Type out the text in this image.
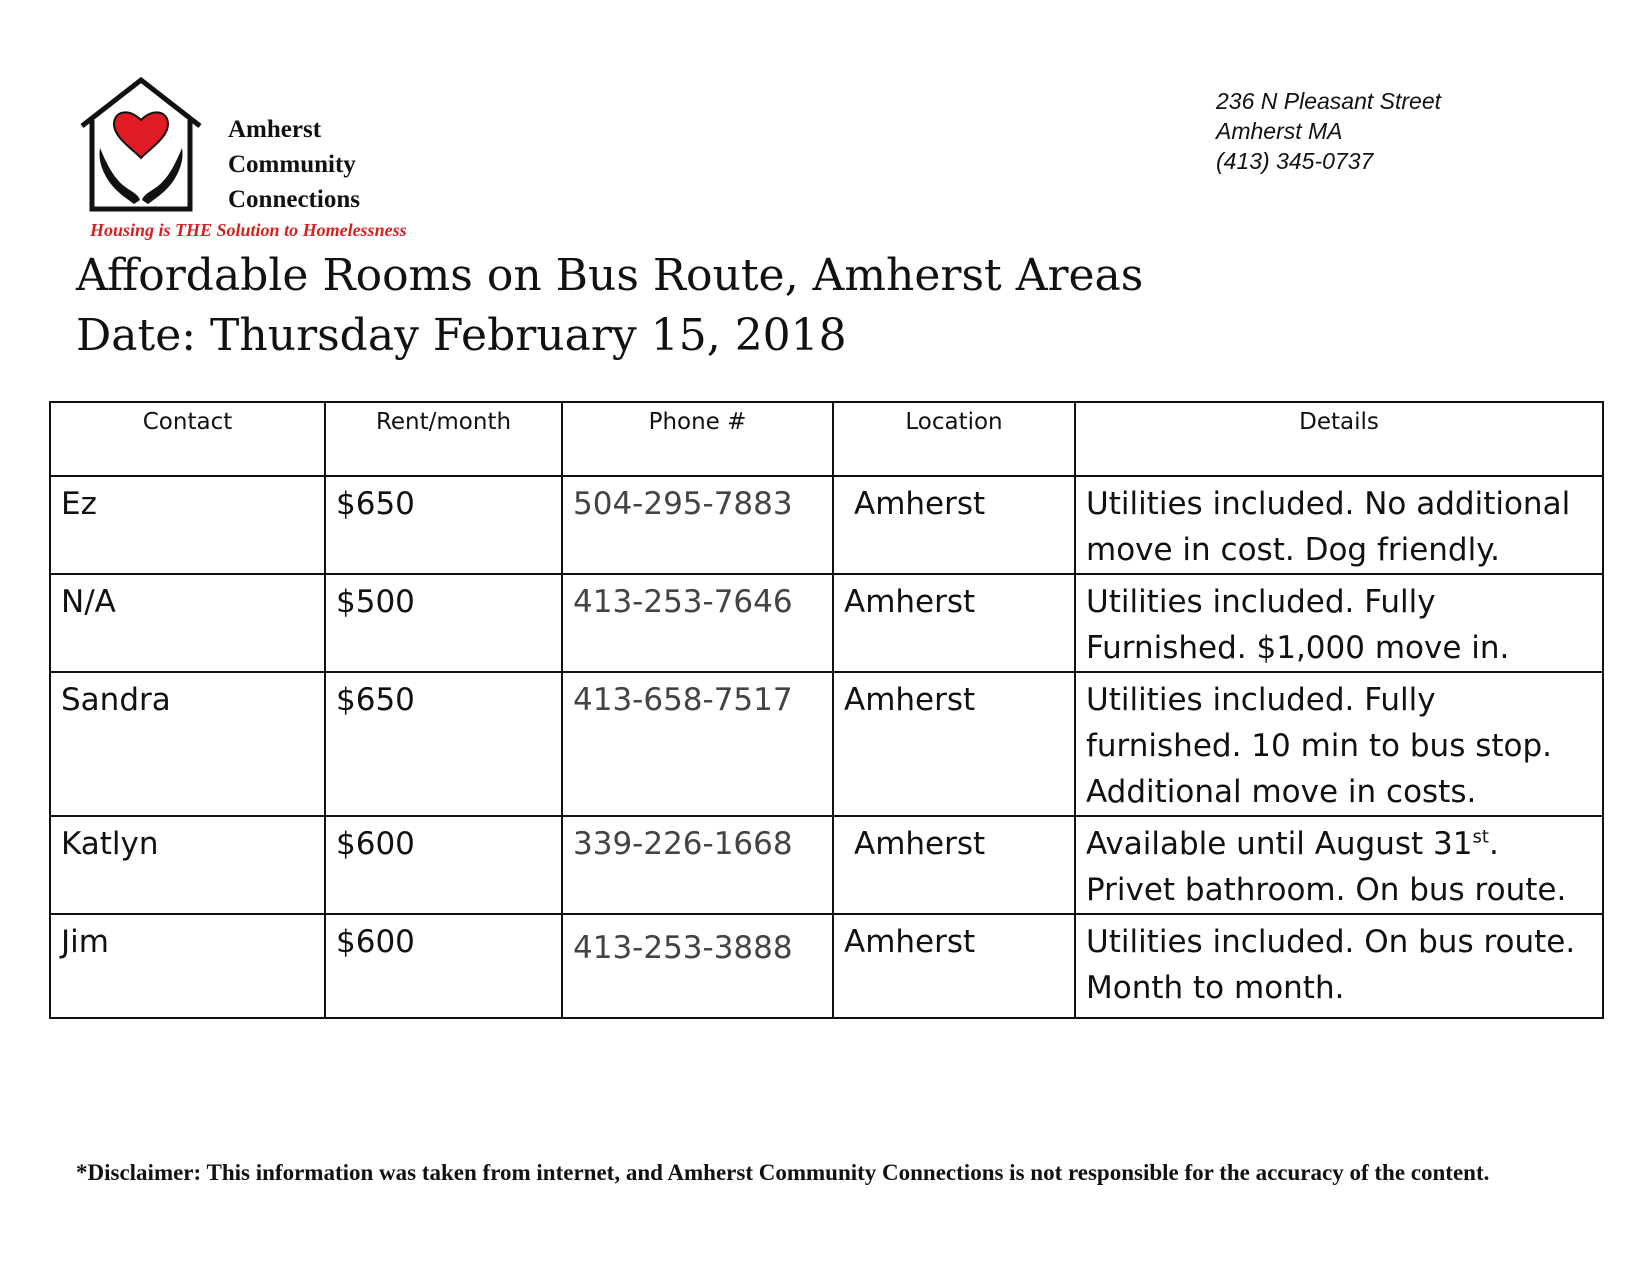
Amherst
Community
Connections
Housing is THE Solution to Homelessness
236 N Pleasant Street
Amherst MA
(413) 345-0737
Affordable Rooms on Bus Route, Amherst Areas
Date: Thursday February 15, 2018
Contact	Rent/month	Phone #	Location	Details
Ez	$650	504-295-7883	Amherst	Utilities included. No additional move in cost. Dog friendly.
N/A	$500	413-253-7646	Amherst	Utilities included. Fully Furnished. $1,000 move in.
Sandra	$650	413-658-7517	Amherst	Utilities included. Fully furnished. 10 min to bus stop. Additional move in costs.
Katlyn	$600	339-226-1668	Amherst	Available until August 31st. Privet bathroom. On bus route.
Jim	$600	413-253-3888	Amherst	Utilities included. On bus route. Month to month.
*Disclaimer: This information was taken from internet, and Amherst Community Connections is not responsible for the accuracy of the content.
